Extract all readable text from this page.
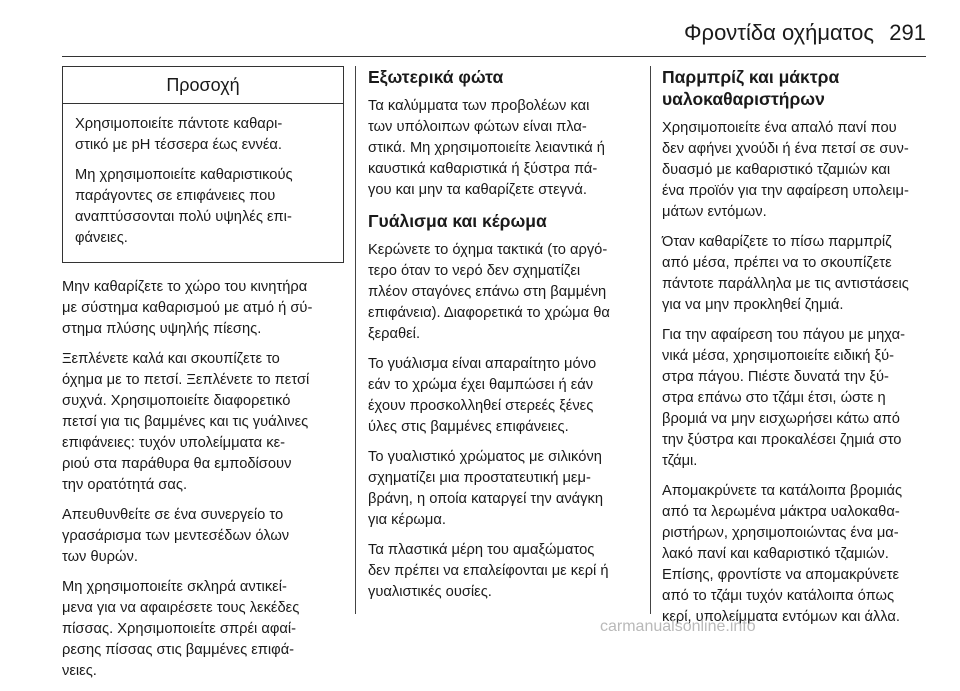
Φροντίδα οχήματος 291
Προσοχή

Χρησιμοποιείτε πάντοτε καθαρι-
στικό με pH τέσσερα έως εννέα.

Μη χρησιμοποιείτε καθαριστικούς
παράγοντες σε επιφάνειες που
αναπτύσσονται πολύ υψηλές επι-
φάνειες.

Μην καθαρίζετε το χώρο του κινητήρα
με σύστημα καθαρισμού με ατμό ή σύ-
στημα πλύσης υψηλής πίεσης.

Ξεπλένετε καλά και σκουπίζετε το
όχημα με το πετσί. Ξεπλένετε το πετσί
συχνά. Χρησιμοποιείτε διαφορετικό
πετσί για τις βαμμένες και τις γυάλινες
επιφάνειες: τυχόν υπολείμματα κε-
ριού στα παράθυρα θα εμποδίσουν
την ορατότητά σας.

Απευθυνθείτε σε ένα συνεργείο το
γρασάρισμα των μεντεσέδων όλων
των θυρών.

Μη χρησιμοποιείτε σκληρά αντικεί-
μενα για να αφαιρέσετε τους λεκέδες
πίσσας. Χρησιμοποιείτε σπρέι αφαί-
ρεσης πίσσας στις βαμμένες επιφά-
νειες.

Εξωτερικά φώτα

Τα καλύμματα των προβολέων και
των υπόλοιπων φώτων είναι πλα-
στικά. Μη χρησιμοποιείτε λειαντικά ή
καυστικά καθαριστικά ή ξύστρα πά-
γου και μην τα καθαρίζετε στεγνά.

Γυάλισμα και κέρωμα

Κερώνετε το όχημα τακτικά (το αργό-
τερο όταν το νερό δεν σχηματίζει
πλέον σταγόνες επάνω στη βαμμένη
επιφάνεια). Διαφορετικά το χρώμα θα
ξεραθεί.

Το γυάλισμα είναι απαραίτητο μόνο
εάν το χρώμα έχει θαμπώσει ή εάν
έχουν προσκολληθεί στερεές ξένες
ύλες στις βαμμένες επιφάνειες.

Το γυαλιστικό χρώματος με σιλικόνη
σχηματίζει μια προστατευτική μεμ-
βράνη, η οποία καταργεί την ανάγκη
για κέρωμα.

Τα πλαστικά μέρη του αμαξώματος
δεν πρέπει να επαλείφονται με κερί ή
γυαλιστικές ουσίες.

Παρμπρίζ και μάκτρα
υαλοκαθαριστήρων

Χρησιμοποιείτε ένα απαλό πανί που
δεν αφήνει χνούδι ή ένα πετσί σε συν-
δυασμό με καθαριστικό τζαμιών και
ένα προϊόν για την αφαίρεση υπολειμ-
μάτων εντόμων.

Όταν καθαρίζετε το πίσω παρμπρίζ
από μέσα, πρέπει να το σκουπίζετε
πάντοτε παράλληλα με τις αντιστάσεις
για να μην προκληθεί ζημιά.

Για την αφαίρεση του πάγου με μηχα-
νικά μέσα, χρησιμοποιείτε ειδική ξύ-
στρα πάγου. Πιέστε δυνατά την ξύ-
στρα επάνω στο τζάμι έτσι, ώστε η
βρομιά να μην εισχωρήσει κάτω από
την ξύστρα και προκαλέσει ζημιά στο
τζάμι.

Απομακρύνετε τα κατάλοιπα βρομιάς
από τα λερωμένα μάκτρα υαλοκαθα-
ριστήρων, χρησιμοποιώντας ένα μα-
λακό πανί και καθαριστικό τζαμιών.
Επίσης, φροντίστε να απομακρύνετε
από το τζάμι τυχόν κατάλοιπα όπως
κερί, υπολείμματα εντόμων και άλλα.

carmanualsonline.info
